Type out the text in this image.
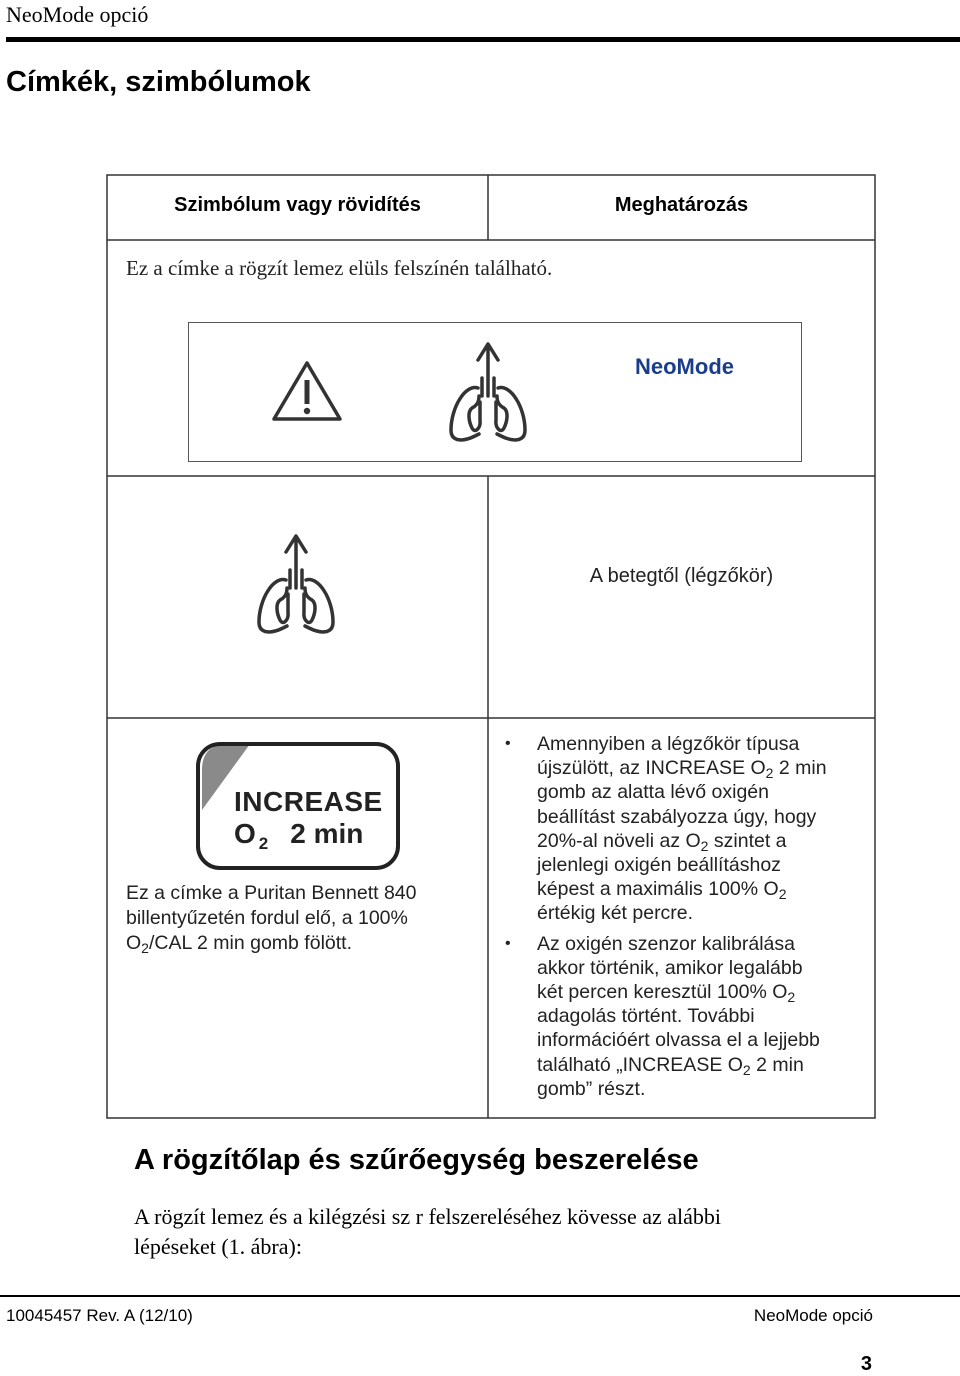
NeoMode opció
Címkék, szimbólumok
Szimbólum vagy rövidítés	Meghatározás
Ez a címke a rögzít lemez elüls felszínén található.
NeoMode
A betegtől (légzőkör)
INCREASE
O $_2$ 2 min
Ez a címke a Puritan Bennett 840
billentyűzetén fordul elő, a 100%
$O_2$/CAL 2 min gomb fölött.
• Amennyiben a légzőkör típusa
újszülött, az INCREASE $O_2$ 2 min
gomb az alatta lévő oxigén
beállítást szabályozza úgy, hogy
20%-al növeli az $O_2$ szintet a
jelenlegi oxigén beállításhoz
képest a maximális 100% $O_2$
értékig két percre.
• Az oxigén szenzor kalibrálása
akkor történik, amikor legalább
két percen keresztül 100% $O_2$
adagolás történt. További
információért olvassa el a lejjebb
található „INCREASE $O_2$ 2 min
gomb” részt.
A rögzítőlap és szűrőegység beszerelése
A rögzít lemez és a kilégzési sz r felszereléséhez kövesse az alábbi
lépéseket (1. ábra):
10045457 Rev. A (12/10)	NeoMode opció
3
